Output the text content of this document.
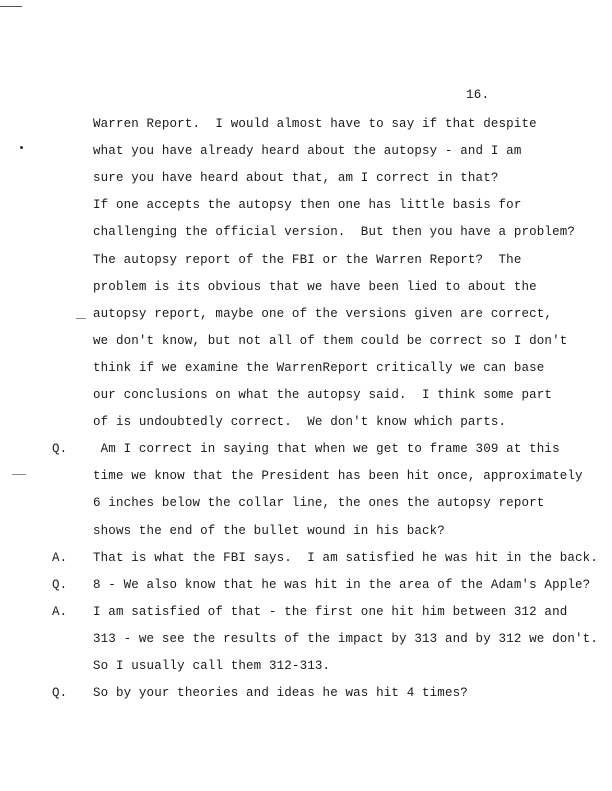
16.
Warren Report.  I would almost have to say if that despite
what you have already heard about the autopsy - and I am
sure you have heard about that, am I correct in that?
If one accepts the autopsy then one has little basis for
challenging the official version.  But then you have a problem?
The autopsy report of the FBI or the Warren Report?  The
problem is its obvious that we have been lied to about the
autopsy report, maybe one of the versions given are correct,
we don't know, but not all of them could be correct so I don't
think if we examine the WarrenReport critically we can base
our conclusions on what the autopsy said.  I think some part
of is undoubtedly correct.  We don't know which parts.
Q. Am I correct in saying that when we get to frame 309 at this
time we know that the President has been hit once, approximately
6 inches below the collar line, the ones the autopsy report
shows the end of the bullet wound in his back?
A. That is what the FBI says.  I am satisfied he was hit in the back.
Q. 8 - We also know that he was hit in the area of the Adam's Apple?
A. I am satisfied of that - the first one hit him between 312 and
313 - we see the results of the impact by 313 and by 312 we don't.
So I usually call them 312-313.
Q. So by your theories and ideas he was hit 4 times?
